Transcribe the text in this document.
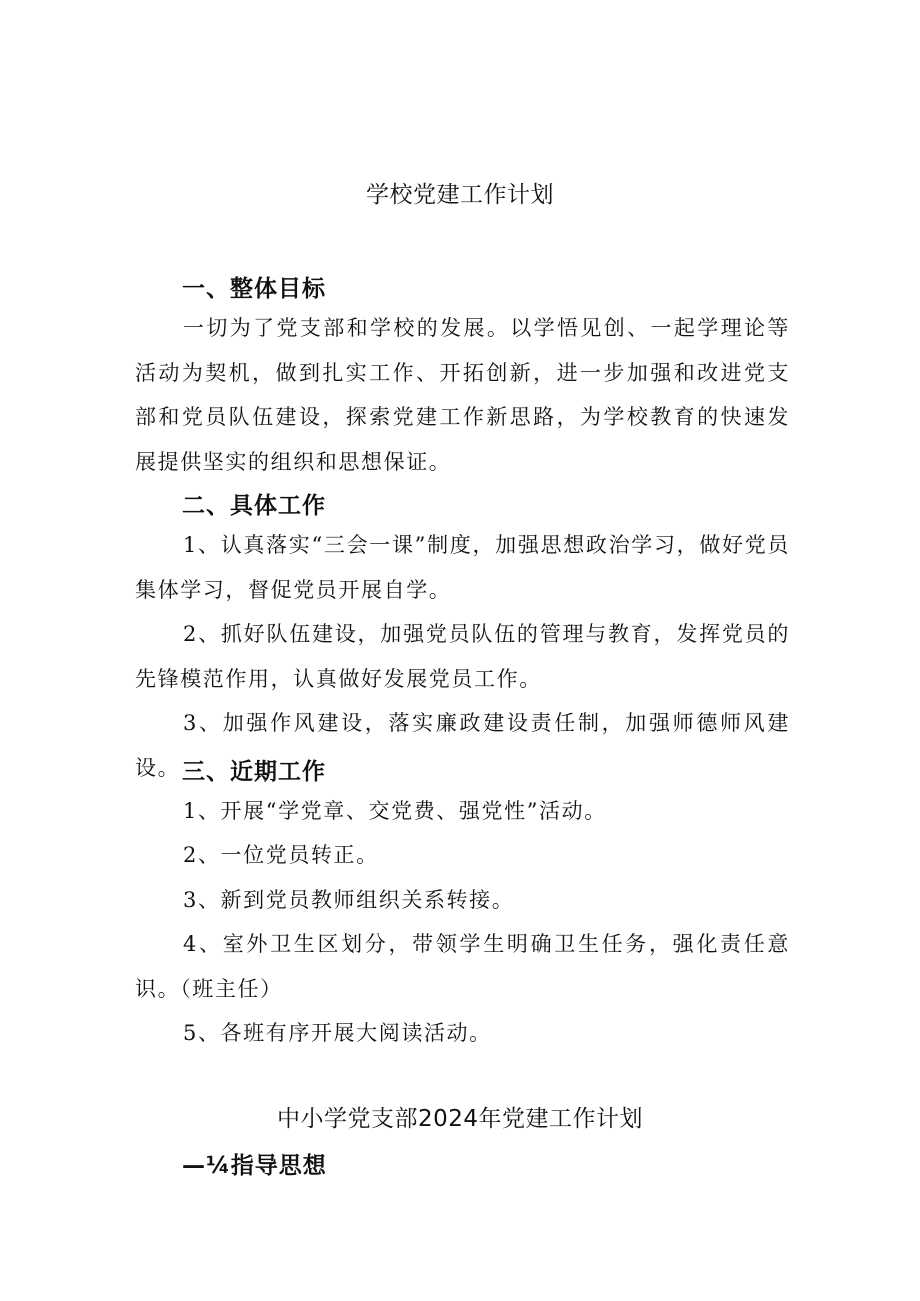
学校党建工作计划
一、整体目标
一切为了党支部和学校的发展。以学悟见创、一起学理论等活动为契机，做到扎实工作、开拓创新，进一步加强和改进党支部和党员队伍建设，探索党建工作新思路，为学校教育的快速发展提供坚实的组织和思想保证。
二、具体工作
1、认真落实“三会一课”制度，加强思想政治学习，做好党员集体学习，督促党员开展自学。
2、抓好队伍建设，加强党员队伍的管理与教育，发挥党员的先锋模范作用，认真做好发展党员工作。
3、加强作风建设，落实廉政建设责任制，加强师德师风建设。 三、近期工作
1、开展“学党章、交党费、强党性”活动。
2、一位党员转正。
3、新到党员教师组织关系转接。
4、室外卫生区划分，带领学生明确卫生任务，强化责任意识。（班主任）
5、各班有序开展大阅读活动。
中小学党支部2024年党建工作计划
—¼指导思想
